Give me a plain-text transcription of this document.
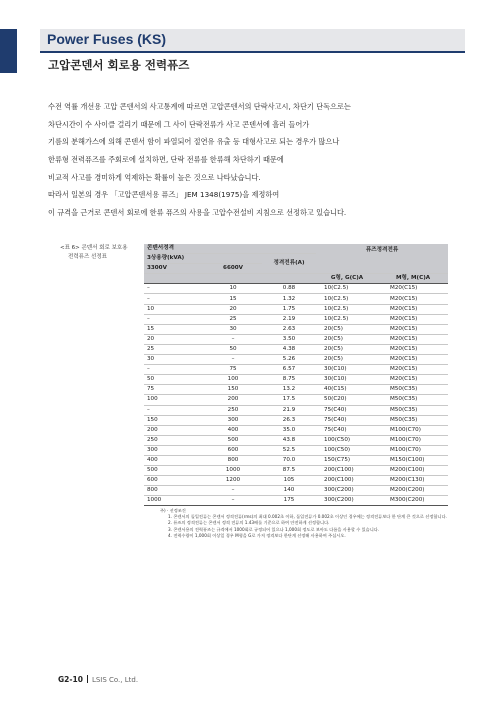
Power Fuses (KS)
고압콘덴서 회로용 전력퓨즈

수전 역률 개선용 고압 콘덴서의 사고통계에 따르면 고압콘덴서의 단락사고시, 차단기 단독으로는

차단시간이 수 사이클 걸리기 때문에 그 사이 단락전류가 사고 콘덴서에 흘러 들어가

기름의 분해가스에 의해 콘덴서 함이 파열되어 절연유 유출 등 대형사고로 되는 경우가 많으나

한류형 전력퓨즈를 주회로에 설치하면, 단락 전류를 한류해 차단하기 때문에

비교적 사고를 경미하게 억제하는 확률이 높은 것으로 나타났습니다.

따라서 일본의 경우 「고압콘덴서용 퓨즈」 JEM 1348(1975)을 제정하여

이 규격을 근거로 콘덴서 회로에 한류 퓨즈의 사용을 고압수전설비 지침으로 선정하고 있습니다.

<표 6> 콘덴서 회로 보호용
전력퓨즈 선정표
콘덴서정격			퓨즈정격전류	
3상용량(kVA)		정격전류(A)		
3300V	6600V			
			G형, G(C)A	M형, M(C)A
–	10	0.88	10(C2.5)	M20(C15)
–	15	1.32	10(C2.5)	M20(C15)
10	20	1.75	10(C2.5)	M20(C15)
–	25	2.19	10(C2.5)	M20(C15)
15	30	2.63	20(C5)	M20(C15)
20	–	3.50	20(C5)	M20(C15)
25	50	4.38	20(C5)	M20(C15)
30	–	5.26	20(C5)	M20(C15)
–	75	6.57	30(C10)	M20(C15)
50	100	8.75	30(C10)	M20(C15)
75	150	13.2	40(C15)	M50(C35)
100	200	17.5	50(C20)	M50(C35)
–	250	21.9	75(C40)	M50(C35)
150	300	26.3	75(C40)	M50(C35)
200	400	35.0	75(C40)	M100(C70)
250	500	43.8	100(C50)	M100(C70)
300	600	52.5	100(C50)	M100(C70)
400	800	70.0	150(C75)	M150(C100)
500	1000	87.5	200(C100)	M200(C100)
600	1200	105	200(C100)	M200(C130)
800	–	140	300(C200)	M200(C200)
1000	–	175	300(C200)	M300(C200)
주) · 선정조건
1. 콘덴서의 돌입전류는 콘덴서 정격전류(rms)의 최대 0.002초 이하, 돌입전류가 0.002초 이상인 경우에는 정격전류보다 한 단계 큰 것으로 선정합니다.
2. 퓨즈의 정격전류는 콘덴서 정격 전류의 1.43배를 기준으로 하여 안전하게 선정합니다.
3. 콘덴서용의 전력퓨즈는 규격에서 1000회로 규정되어 있으나 1,000회 정도로 보아도 다름을 사용할 수 있습니다.
4. 전력수량이 1,000회 이상일 경우 M형을 G로 가져 정격보다 한단계 선정해 사용하여 주십시오.
G2-10 LSIS Co., Ltd.
